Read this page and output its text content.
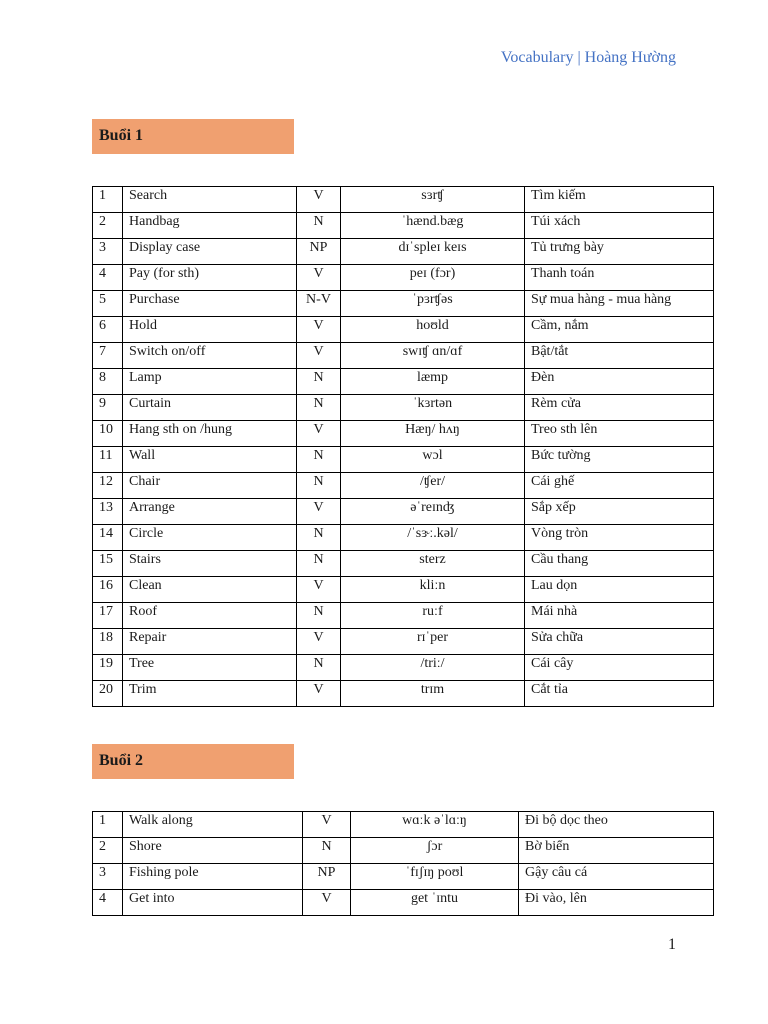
Vocabulary | Hoàng Hường
Buổi 1
1	Search	V	sɜrʧ	Tìm kiếm
2	Handbag	N	ˈhænd.bæg	Túi xách
3	Display case	NP	dɪˈspleɪ keɪs	Tủ trưng bày
4	Pay (for sth)	V	peɪ (fɔr)	Thanh toán
5	Purchase	N-V	ˈpɜrʧəs	Sự mua hàng - mua hàng
6	Hold	V	hoʊld	Cầm, nắm
7	Switch on/off	V	swɪʧ ɑn/ɑf	Bật/tắt
8	Lamp	N	læmp	Đèn
9	Curtain	N	ˈkɜrtən	Rèm cửa
10	Hang sth on /hung	V	Hæŋ/ hʌŋ	Treo sth lên
11	Wall	N	wɔl	Bức tường
12	Chair	N	/ʧer/	Cái ghế
13	Arrange	V	əˈreɪnʤ	Sắp xếp
14	Circle	N	/ˈsɝː.kəl/	Vòng tròn
15	Stairs	N	sterz	Cầu thang
16	Clean	V	kliːn	Lau dọn
17	Roof	N	ruːf	Mái nhà
18	Repair	V	rɪˈper	Sửa chữa
19	Tree	N	/triː/	Cái cây
20	Trim	V	trɪm	Cắt tỉa
Buổi 2
1	Walk along	V	wɑːk əˈlɑːŋ	Đi bộ dọc theo
2	Shore	N	ʃɔr	Bờ biển
3	Fishing pole	NP	ˈfɪʃɪŋ poʊl	Gậy câu cá
4	Get into	V	get ˈɪntu	Đi vào, lên
1
